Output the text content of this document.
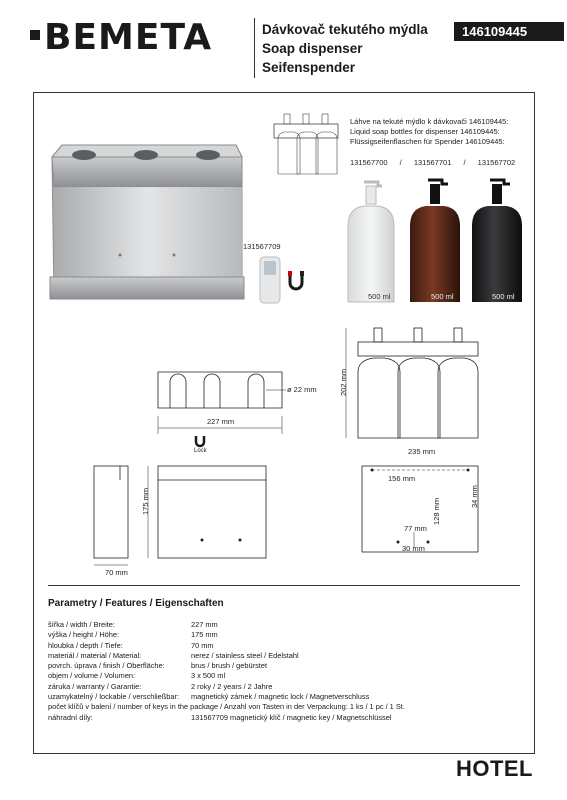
BEMETA	Dávkovač tekutého mýdla
Soap dispenser
Seifenspender
146109445
Láhve na tekuté mýdlo k dávkovači 146109445:
Liquid soap bottles for dispenser 146109445:
Flüssigseifenflaschen für Spender 146109445:
131567700 / 131567701 / 131567702
500 ml	500 ml	500 ml
131567709
ø 22 mm
227 mm
Lock
175 mm
70 mm
202 mm
235 mm
156 mm
128 mm
34 mm
77 mm
30 mm
Parametry / Features / Eigenschaften
šířka / width / Breite:	227 mm
výška / height / Höhe:	175 mm
hloubka / depth / Tiefe:	70 mm
materiál / material / Material:	nerez / stainless steel / Edelstahl
povrch. úprava / finish / Oberfläche:	brus / brush / gebürstet
objem / volume / Volumen:	3 x 500 ml
záruka / warranty / Garantie:	2 roky / 2 years / 2 Jahre
uzamykatelný / lockable / verschließbar:	magnetický zámek / magnetic lock / Magnetverschluss
počet klíčů v balení / number of keys in the package / Anzahl von Tasten in der Verpackung: 1 ks / 1 pc / 1 St.
náhradní díly:	131567709 magnetický klíč / magnetic key / Magnetschlüssel
HOTEL
